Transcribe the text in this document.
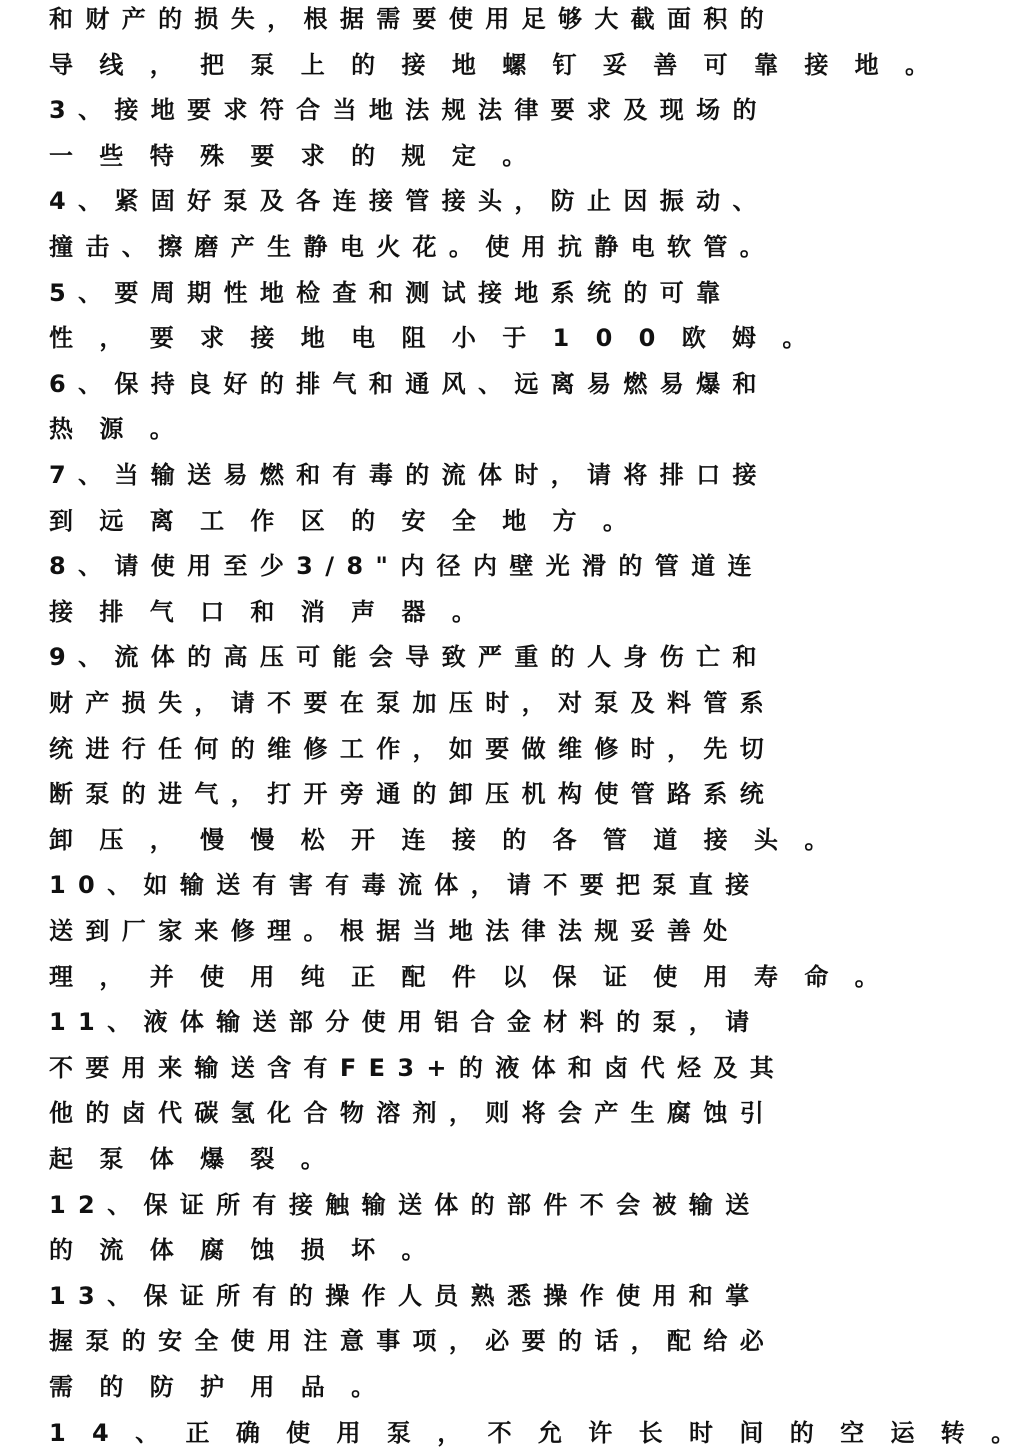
和 财 产 的 损 失 ， 根 据 需 要 使 用 足 够 大 截 面 积 的
导 线 ， 把 泵 上 的 接 地 螺 钉 妥 善 可 靠 接 地 。
3 、 接 地 要 求 符 合 当 地 法 规 法 律 要 求 及 现 场 的
一 些 特 殊 要 求 的 规 定 。
4 、 紧 固 好 泵 及 各 连 接 管 接 头 ， 防 止 因 振 动 、
撞 击 、 擦 磨 产 生 静 电 火 花 。 使 用 抗 静 电 软 管 。
5 、 要 周 期 性 地 检 查 和 测 试 接 地 系 统 的 可 靠
性 ， 要 求 接 地 电 阻 小 于 1 0 0 欧 姆 。
6 、 保 持 良 好 的 排 气 和 通 风 、 远 离 易 燃 易 爆 和
热 源 。
7 、 当 输 送 易 燃 和 有 毒 的 流 体 时 ， 请 将 排 口 接
到 远 离 工 作 区 的 安 全 地 方 。
8 、 请 使 用 至 少 3 / 8 " 内 径 内 壁 光 滑 的 管 道 连
接 排 气 口 和 消 声 器 。
9 、 流 体 的 高 压 可 能 会 导 致 严 重 的 人 身 伤 亡 和
财 产 损 失 ， 请 不 要 在 泵 加 压 时 ， 对 泵 及 料 管 系
统 进 行 任 何 的 维 修 工 作 ， 如 要 做 维 修 时 ， 先 切
断 泵 的 进 气 ， 打 开 旁 通 的 卸 压 机 构 使 管 路 系 统
卸 压 ， 慢 慢 松 开 连 接 的 各 管 道 接 头 。
1 0 、 如 输 送 有 害 有 毒 流 体 ， 请 不 要 把 泵 直 接
送 到 厂 家 来 修 理 。 根 据 当 地 法 律 法 规 妥 善 处
理 ， 并 使 用 纯 正 配 件 以 保 证 使 用 寿 命 。
1 1 、 液 体 输 送 部 分 使 用 铝 合 金 材 料 的 泵 ， 请
不 要 用 来 输 送 含 有 F E 3 + 的 液 体 和 卤 代 烃 及 其
他 的 卤 代 碳 氢 化 合 物 溶 剂 ， 则 将 会 产 生 腐 蚀 引
起 泵 体 爆 裂 。
1 2 、 保 证 所 有 接 触 输 送 体 的 部 件 不 会 被 输 送
的 流 体 腐 蚀 损 坏 。
1 3 、 保 证 所 有 的 操 作 人 员 熟 悉 操 作 使 用 和 掌
握 泵 的 安 全 使 用 注 意 事 项 ， 必 要 的 话 ， 配 给 必
需 的 防 护 用 品 。
1 4 、 正 确 使 用 泵 ， 不 允 许 长 时 间 的 空 运 转 。
